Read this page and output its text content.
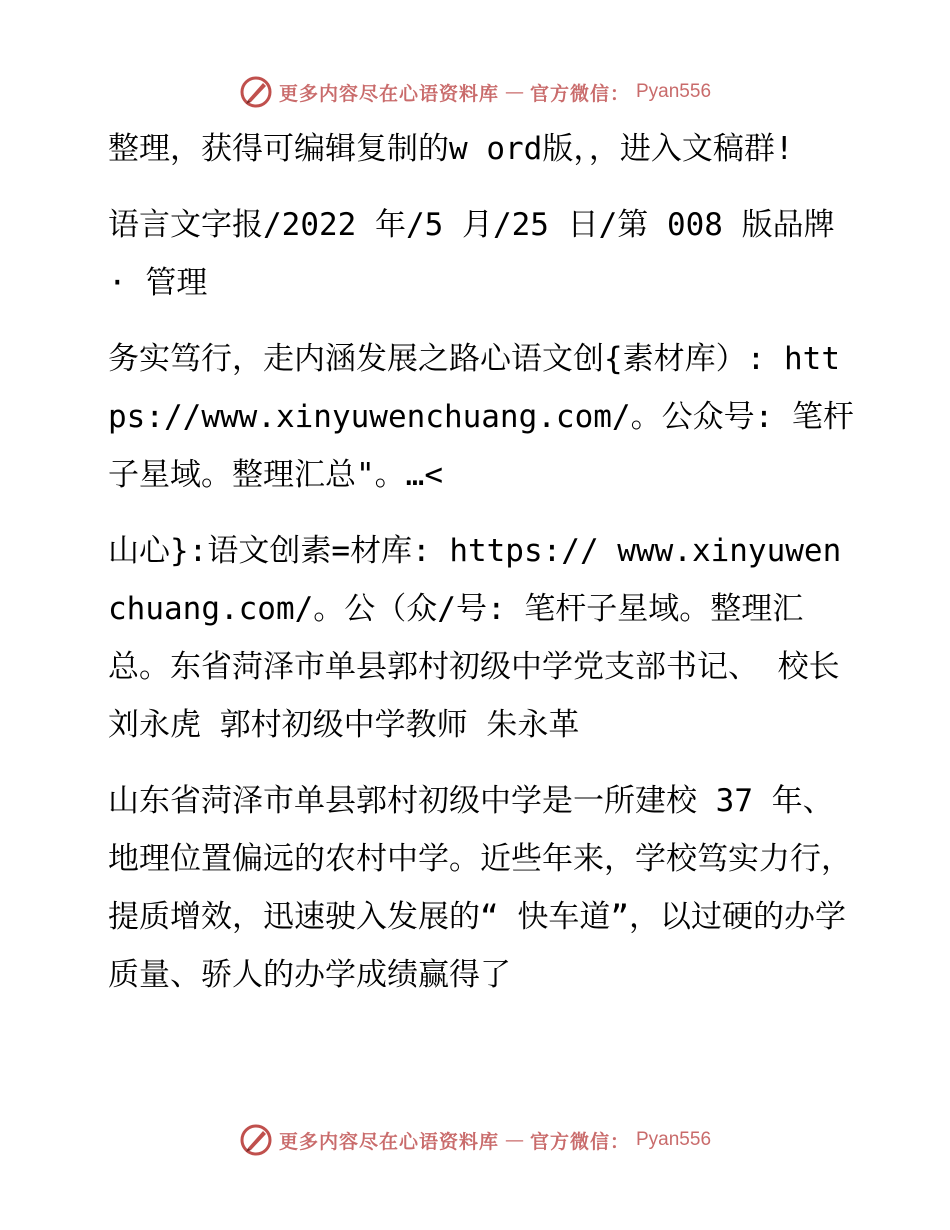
更多内容尽在心语资料库 — 官方微信： Pyan556

整理，获得可编辑复制的w ord版，，进入文稿群!

语言文字报/2022 年/5 月/25 日/第 008 版品牌 · 管理

务实笃行，走内涵发展之路心语文创{素材库）: https://www.xinyuwenchuang.com/。公众号: 笔杆子星域。整理汇总"。…<

山心}:语文创素=材库: https:// www.xinyuwenchuang.com/。公（众/号: 笔杆子星域。整理汇总。东省菏泽市单县郭村初级中学党支部书记、 校长 刘永虎 郭村初级中学教师 朱永革

山东省菏泽市单县郭村初级中学是一所建校 37 年、地理位置偏远的农村中学。近些年来，学校笃实力行，提质增效，迅速驶入发展的“ 快车道”，以过硬的办学质量、骄人的办学成绩赢得了

更多内容尽在心语资料库 — 官方微信： Pyan556
